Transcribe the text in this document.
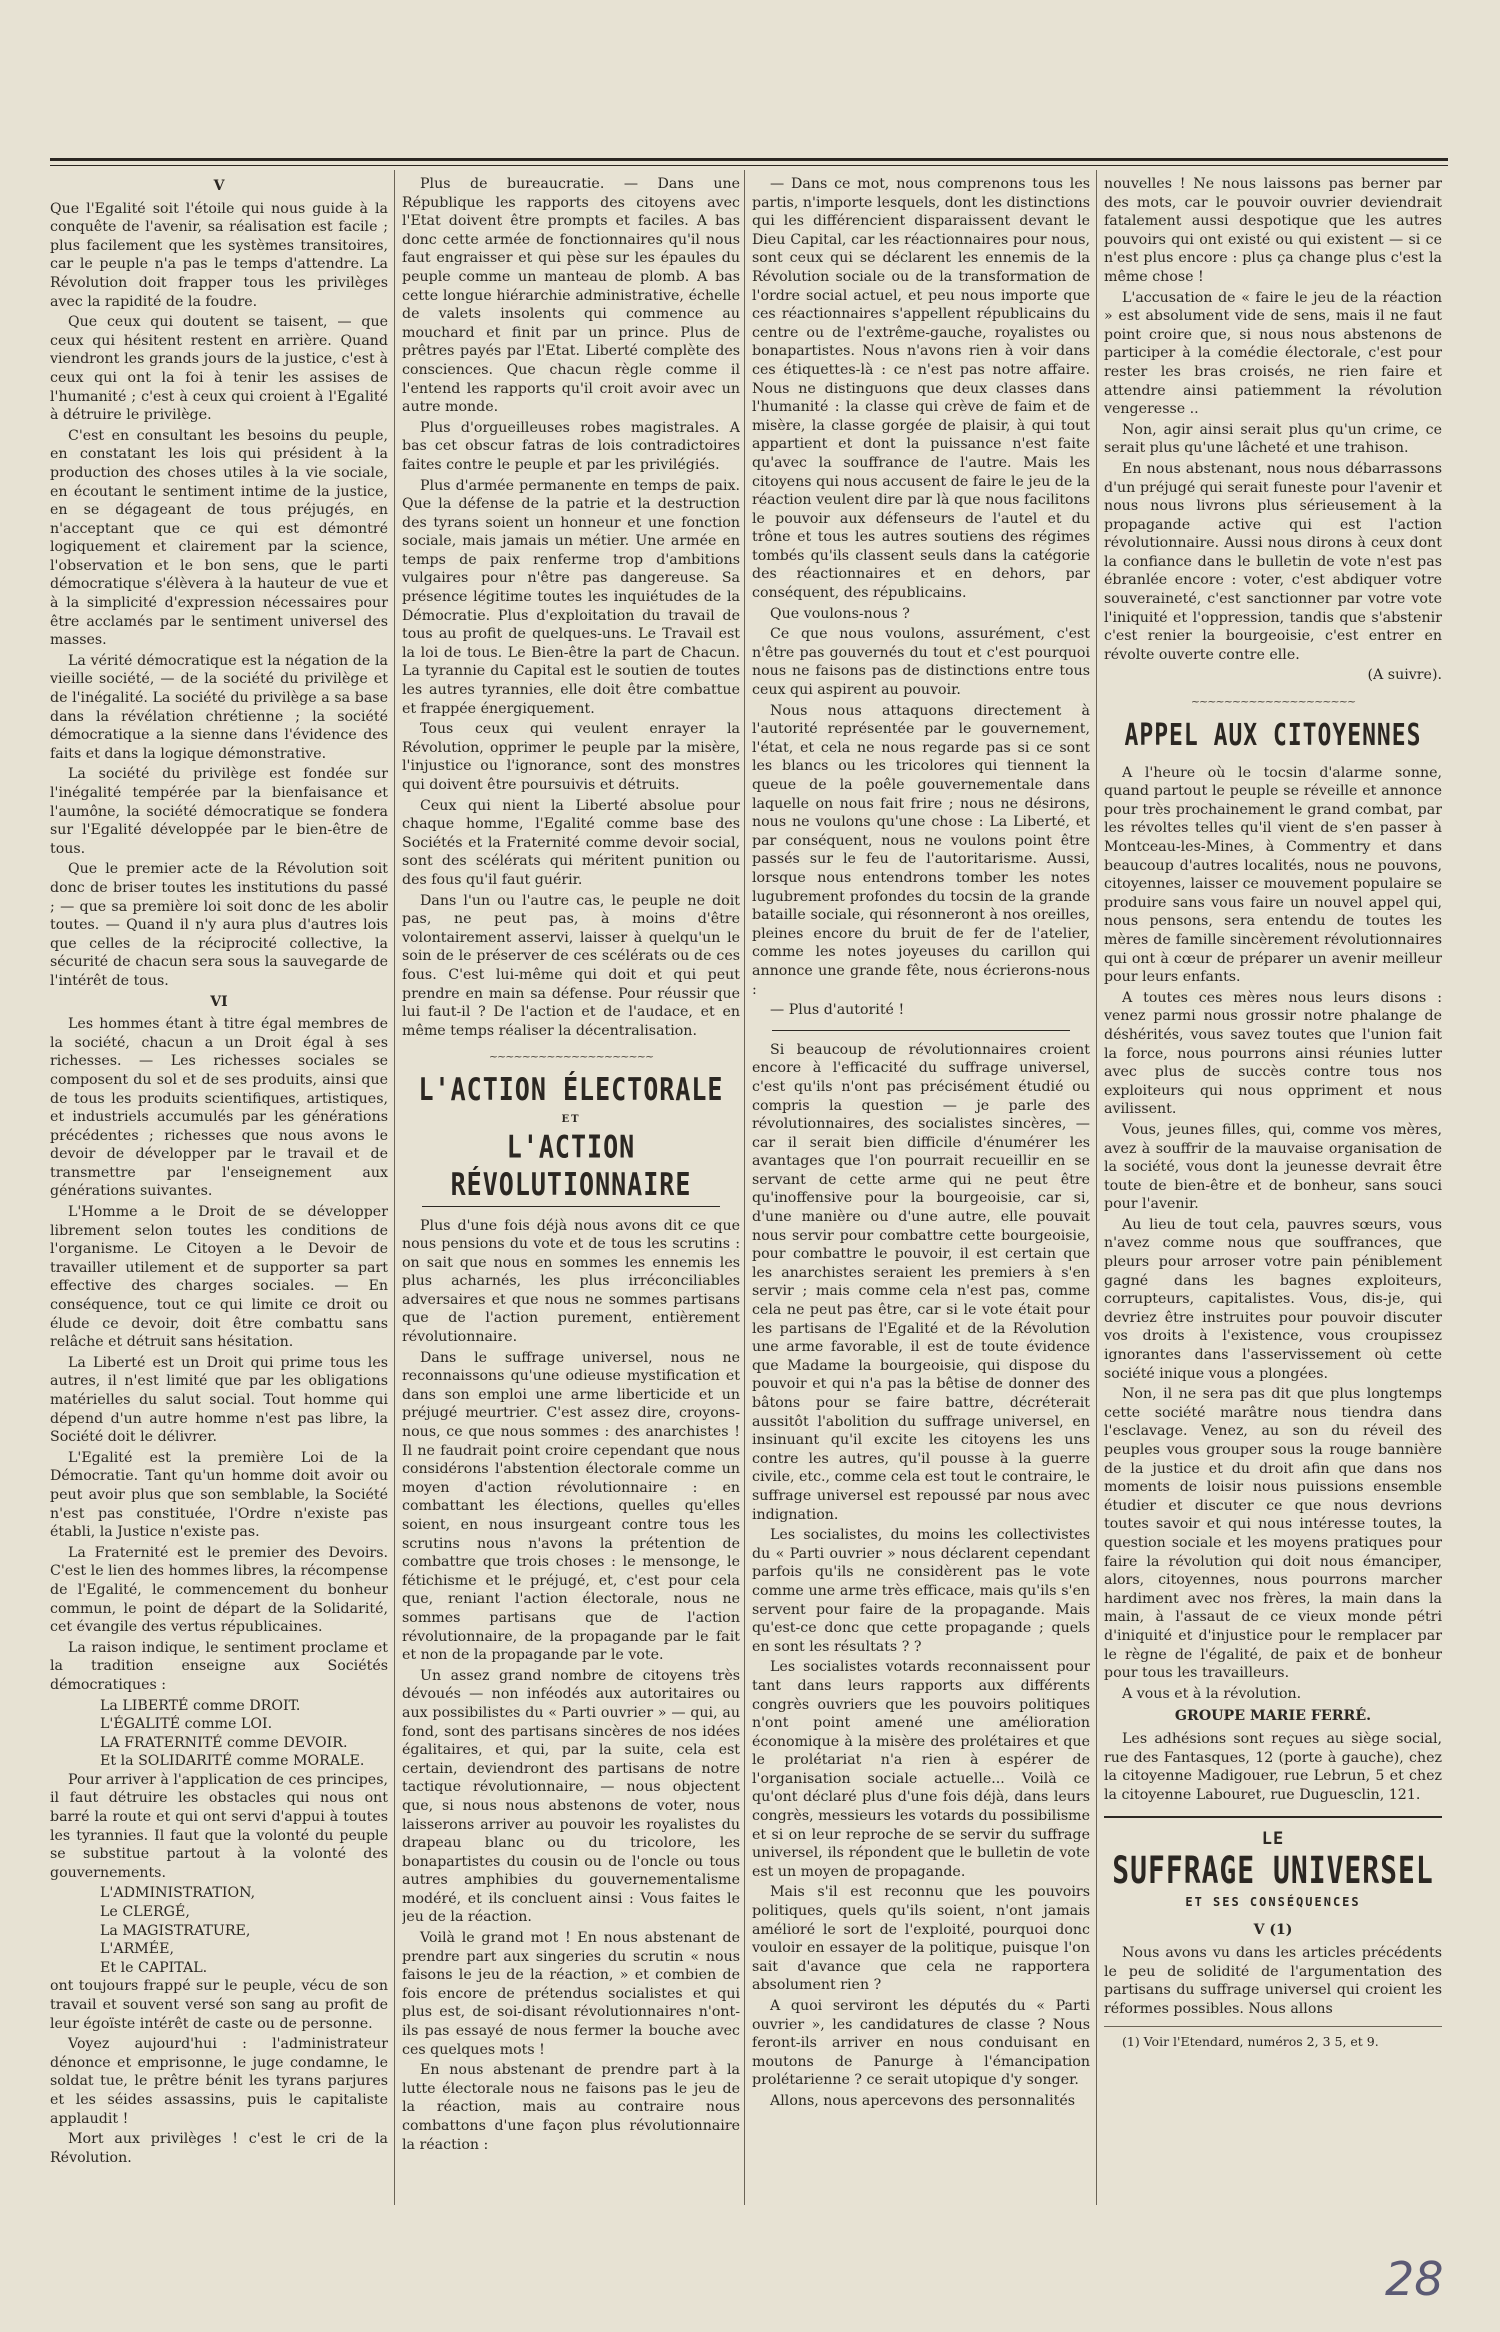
V

Que l'Egalité soit l'étoile qui nous guide à la conquête de l'avenir, sa réalisation est facile ; plus facilement que les systèmes transitoires, car le peuple n'a pas le temps d'attendre. La Révolution doit frapper tous les privilèges avec la rapidité de la foudre.

Que ceux qui doutent se taisent, — que ceux qui hésitent restent en arrière. Quand viendront les grands jours de la justice, c'est à ceux qui ont la foi à tenir les assises de l'humanité ; c'est à ceux qui croient à l'Egalité à détruire le privilège.

C'est en consultant les besoins du peuple, en constatant les lois qui président à la production des choses utiles à la vie sociale, en écoutant le sentiment intime de la justice, en se dégageant de tous préjugés, en n'acceptant que ce qui est démontré logiquement et clairement par la science, l'observation et le bon sens, que le parti démocratique s'élèvera à la hauteur de vue et à la simplicité d'expression nécessaires pour être acclamés par le sentiment universel des masses.

La vérité démocratique est la négation de la vieille société, — de la société du privilège et de l'inégalité. La société du privilège a sa base dans la révélation chrétienne ; la société démocratique a la sienne dans l'évidence des faits et dans la logique démonstrative.

La société du privilège est fondée sur l'inégalité tempérée par la bienfaisance et l'aumône, la société démocratique se fondera sur l'Egalité développée par le bien-être de tous.

Que le premier acte de la Révolution soit donc de briser toutes les institutions du passé ; — que sa première loi soit donc de les abolir toutes. — Quand il n'y aura plus d'autres lois que celles de la réciprocité collective, la sécurité de chacun sera sous la sauvegarde de l'intérêt de tous.

VI

Les hommes étant à titre égal membres de la société, chacun a un Droit égal à ses richesses. — Les richesses sociales se composent du sol et de ses produits, ainsi que de tous les produits scientifiques, artistiques, et industriels accumulés par les générations précédentes ; richesses que nous avons le devoir de développer par le travail et de transmettre par l'enseignement aux générations suivantes.

L'Homme a le Droit de se développer librement selon toutes les conditions de l'organisme. Le Citoyen a le Devoir de travailler utilement et de supporter sa part effective des charges sociales. — En conséquence, tout ce qui limite ce droit ou élude ce devoir, doit être combattu sans relâche et détruit sans hésitation.

La Liberté est un Droit qui prime tous les autres, il n'est limité que par les obligations matérielles du salut social. Tout homme qui dépend d'un autre homme n'est pas libre, la Société doit le délivrer.

L'Egalité est la première Loi de la Démocratie. Tant qu'un homme doit avoir ou peut avoir plus que son semblable, la Société n'est pas constituée, l'Ordre n'existe pas établi, la Justice n'existe pas.

La Fraternité est le premier des Devoirs. C'est le lien des hommes libres, la récompense de l'Egalité, le commencement du bonheur commun, le point de départ de la Solidarité, cet évangile des vertus républicaines.

La raison indique, le sentiment proclame et la tradition enseigne aux Sociétés démocratiques :

La LIBERTÉ comme DROIT.
L'ÉGALITÉ comme LOI.
LA FRATERNITÉ comme DEVOIR.
Et la SOLIDARITÉ comme MORALE.

Pour arriver à l'application de ces principes, il faut détruire les obstacles qui nous ont barré la route et qui ont servi d'appui à toutes les tyrannies. Il faut que la volonté du peuple se substitue partout à la volonté des gouvernements.

L'ADMINISTRATION,
Le CLERGÉ,
La MAGISTRATURE,
L'ARMÉE,
Et le CAPITAL.

ont toujours frappé sur le peuple, vécu de son travail et souvent versé son sang au profit de leur égoïste intérêt de caste ou de personne.

Voyez aujourd'hui : l'administrateur dénonce et emprisonne, le juge condamne, le soldat tue, le prêtre bénit les tyrans parjures et les séides assassins, puis le capitaliste applaudit !

Mort aux privilèges ! c'est le cri de la Révolution.

Plus de bureaucratie. — Dans une République les rapports des citoyens avec l'Etat doivent être prompts et faciles. A bas donc cette armée de fonctionnaires qu'il nous faut engraisser et qui pèse sur les épaules du peuple comme un manteau de plomb. A bas cette longue hiérarchie administrative, échelle de valets insolents qui commence au mouchard et finit par un prince. Plus de prêtres payés par l'Etat. Liberté complète des consciences. Que chacun règle comme il l'entend les rapports qu'il croit avoir avec un autre monde.

Plus d'orgueilleuses robes magistrales. A bas cet obscur fatras de lois contradictoires faites contre le peuple et par les privilégiés.

Plus d'armée permanente en temps de paix. Que la défense de la patrie et la destruction des tyrans soient un honneur et une fonction sociale, mais jamais un métier. Une armée en temps de paix renferme trop d'ambitions vulgaires pour n'être pas dangereuse. Sa présence légitime toutes les inquiétudes de la Démocratie. Plus d'exploitation du travail de tous au profit de quelques-uns. Le Travail est la loi de tous. Le Bien-être la part de Chacun. La tyrannie du Capital est le soutien de toutes les autres tyrannies, elle doit être combattue et frappée énergiquement.

Tous ceux qui veulent enrayer la Révolution, opprimer le peuple par la misère, l'injustice ou l'ignorance, sont des monstres qui doivent être poursuivis et détruits.

Ceux qui nient la Liberté absolue pour chaque homme, l'Egalité comme base des Sociétés et la Fraternité comme devoir social, sont des scélérats qui méritent punition ou des fous qu'il faut guérir.

Dans l'un ou l'autre cas, le peuple ne doit pas, ne peut pas, à moins d'être volontairement asservi, laisser à quelqu'un le soin de le préserver de ces scélérats ou de ces fous. C'est lui-même qui doit et qui peut prendre en main sa défense. Pour réussir que lui faut-il ? De l'action et de l'audace, et en même temps réaliser la décentralisation.

~~~~~~~~~~~~~~~~~~~~
L'ACTION ÉLECTORALE
ET
L'ACTION RÉVOLUTIONNAIRE

Plus d'une fois déjà nous avons dit ce que nous pensions du vote et de tous les scrutins : on sait que nous en sommes les ennemis les plus acharnés, les plus irréconciliables adversaires et que nous ne sommes partisans que de l'action purement, entièrement révolutionnaire.

Dans le suffrage universel, nous ne reconnaissons qu'une odieuse mystification et dans son emploi une arme liberticide et un préjugé meurtrier. C'est assez dire, croyons-nous, ce que nous sommes : des anarchistes ! Il ne faudrait point croire cependant que nous considérons l'abstention électorale comme un moyen d'action révolutionnaire : en combattant les élections, quelles qu'elles soient, en nous insurgeant contre tous les scrutins nous n'avons la prétention de combattre que trois choses : le mensonge, le fétichisme et le préjugé, et, c'est pour cela que, reniant l'action électorale, nous ne sommes partisans que de l'action révolutionnaire, de la propagande par le fait et non de la propagande par le vote.

Un assez grand nombre de citoyens très dévoués — non inféodés aux autoritaires ou aux possibilistes du « Parti ouvrier » — qui, au fond, sont des partisans sincères de nos idées égalitaires, et qui, par la suite, cela est certain, deviendront des partisans de notre tactique révolutionnaire, — nous objectent que, si nous nous abstenons de voter, nous laisserons arriver au pouvoir les royalistes du drapeau blanc ou du tricolore, les bonapartistes du cousin ou de l'oncle ou tous autres amphibies du gouvernementalisme modéré, et ils concluent ainsi : Vous faites le jeu de la réaction.

Voilà le grand mot ! En nous abstenant de prendre part aux singeries du scrutin « nous faisons le jeu de la réaction, » et combien de fois encore de prétendus socialistes et qui plus est, de soi-disant révolutionnaires n'ont-ils pas essayé de nous fermer la bouche avec ces quelques mots !

En nous abstenant de prendre part à la lutte électorale nous ne faisons pas le jeu de la réaction, mais au contraire nous combattons d'une façon plus révolutionnaire la réaction :

— Dans ce mot, nous comprenons tous les partis, n'importe lesquels, dont les distinctions qui les différencient disparaissent devant le Dieu Capital, car les réactionnaires pour nous, sont ceux qui se déclarent les ennemis de la Révolution sociale ou de la transformation de l'ordre social actuel, et peu nous importe que ces réactionnaires s'appellent républicains du centre ou de l'extrême-gauche, royalistes ou bonapartistes. Nous n'avons rien à voir dans ces étiquettes-là : ce n'est pas notre affaire. Nous ne distinguons que deux classes dans l'humanité : la classe qui crève de faim et de misère, la classe gorgée de plaisir, à qui tout appartient et dont la puissance n'est faite qu'avec la souffrance de l'autre. Mais les citoyens qui nous accusent de faire le jeu de la réaction veulent dire par là que nous facilitons le pouvoir aux défenseurs de l'autel et du trône et tous les autres soutiens des régimes tombés qu'ils classent seuls dans la catégorie des réactionnaires et en dehors, par conséquent, des républicains.

Que voulons-nous ?

Ce que nous voulons, assurément, c'est n'être pas gouvernés du tout et c'est pourquoi nous ne faisons pas de distinctions entre tous ceux qui aspirent au pouvoir.

Nous nous attaquons directement à l'autorité représentée par le gouvernement, l'état, et cela ne nous regarde pas si ce sont les blancs ou les tricolores qui tiennent la queue de la poêle gouvernementale dans laquelle on nous fait frire ; nous ne désirons, nous ne voulons qu'une chose : La Liberté, et par conséquent, nous ne voulons point être passés sur le feu de l'autoritarisme. Aussi, lorsque nous entendrons tomber les notes lugubrement profondes du tocsin de la grande bataille sociale, qui résonneront à nos oreilles, pleines encore du bruit de fer de l'atelier, comme les notes joyeuses du carillon qui annonce une grande fête, nous écrierons-nous :

— Plus d'autorité !

Si beaucoup de révolutionnaires croient encore à l'efficacité du suffrage universel, c'est qu'ils n'ont pas précisément étudié ou compris la question — je parle des révolutionnaires, des socialistes sincères, — car il serait bien difficile d'énumérer les avantages que l'on pourrait recueillir en se servant de cette arme qui ne peut être qu'inoffensive pour la bourgeoisie, car si, d'une manière ou d'une autre, elle pouvait nous servir pour combattre cette bourgeoisie, pour combattre le pouvoir, il est certain que les anarchistes seraient les premiers à s'en servir ; mais comme cela n'est pas, comme cela ne peut pas être, car si le vote était pour les partisans de l'Egalité et de la Révolution une arme favorable, il est de toute évidence que Madame la bourgeoisie, qui dispose du pouvoir et qui n'a pas la bêtise de donner des bâtons pour se faire battre, décréterait aussitôt l'abolition du suffrage universel, en insinuant qu'il excite les citoyens les uns contre les autres, qu'il pousse à la guerre civile, etc., comme cela est tout le contraire, le suffrage universel est repoussé par nous avec indignation.

Les socialistes, du moins les collectivistes du « Parti ouvrier » nous déclarent cependant parfois qu'ils ne considèrent pas le vote comme une arme très efficace, mais qu'ils s'en servent pour faire de la propagande. Mais qu'est-ce donc que cette propagande ; quels en sont les résultats ? ?

Les socialistes votards reconnaissent pour tant dans leurs rapports aux différents congrès ouvriers que les pouvoirs politiques n'ont point amené une amélioration économique à la misère des prolétaires et que le prolétariat n'a rien à espérer de l'organisation sociale actuelle... Voilà ce qu'ont déclaré plus d'une fois déjà, dans leurs congrès, messieurs les votards du possibilisme et si on leur reproche de se servir du suffrage universel, ils répondent que le bulletin de vote est un moyen de propagande.

Mais s'il est reconnu que les pouvoirs politiques, quels qu'ils soient, n'ont jamais amélioré le sort de l'exploité, pourquoi donc vouloir en essayer de la politique, puisque l'on sait d'avance que cela ne rapportera absolument rien ?

A quoi serviront les députés du « Parti ouvrier », les candidatures de classe ? Nous feront-ils arriver en nous conduisant en moutons de Panurge à l'émancipation prolétarienne ? ce serait utopique d'y songer.

Allons, nous apercevons des personnalités

nouvelles ! Ne nous laissons pas berner par des mots, car le pouvoir ouvrier deviendrait fatalement aussi despotique que les autres pouvoirs qui ont existé ou qui existent — si ce n'est plus encore : plus ça change plus c'est la même chose !

L'accusation de « faire le jeu de la réaction » est absolument vide de sens, mais il ne faut point croire que, si nous nous abstenons de participer à la comédie électorale, c'est pour rester les bras croisés, ne rien faire et attendre ainsi patiemment la révolution vengeresse ..

Non, agir ainsi serait plus qu'un crime, ce serait plus qu'une lâcheté et une trahison.

En nous abstenant, nous nous débarrassons d'un préjugé qui serait funeste pour l'avenir et nous nous livrons plus sérieusement à la propagande active qui est l'action révolutionnaire. Aussi nous dirons à ceux dont la confiance dans le bulletin de vote n'est pas ébranlée encore : voter, c'est abdiquer votre souveraineté, c'est sanctionner par votre vote l'iniquité et l'oppression, tandis que s'abstenir c'est renier la bourgeoisie, c'est entrer en révolte ouverte contre elle.

(A suivre).

~~~~~~~~~~~~~~~~~~~~
APPEL AUX CITOYENNES

A l'heure où le tocsin d'alarme sonne, quand partout le peuple se réveille et annonce pour très prochainement le grand combat, par les révoltes telles qu'il vient de s'en passer à Montceau-les-Mines, à Commentry et dans beaucoup d'autres localités, nous ne pouvons, citoyennes, laisser ce mouvement populaire se produire sans vous faire un nouvel appel qui, nous pensons, sera entendu de toutes les mères de famille sincèrement révolutionnaires qui ont à cœur de préparer un avenir meilleur pour leurs enfants.

A toutes ces mères nous leurs disons : venez parmi nous grossir notre phalange de déshérités, vous savez toutes que l'union fait la force, nous pourrons ainsi réunies lutter avec plus de succès contre tous nos exploiteurs qui nous oppriment et nous avilissent.

Vous, jeunes filles, qui, comme vos mères, avez à souffrir de la mauvaise organisation de la société, vous dont la jeunesse devrait être toute de bien-être et de bonheur, sans souci pour l'avenir.

Au lieu de tout cela, pauvres sœurs, vous n'avez comme nous que souffrances, que pleurs pour arroser votre pain péniblement gagné dans les bagnes exploiteurs, corrupteurs, capitalistes. Vous, dis-je, qui devriez être instruites pour pouvoir discuter vos droits à l'existence, vous croupissez ignorantes dans l'asservissement où cette société inique vous a plongées.

Non, il ne sera pas dit que plus longtemps cette société marâtre nous tiendra dans l'esclavage. Venez, au son du réveil des peuples vous grouper sous la rouge bannière de la justice et du droit afin que dans nos moments de loisir nous puissions ensemble étudier et discuter ce que nous devrions toutes savoir et qui nous intéresse toutes, la question sociale et les moyens pratiques pour faire la révolution qui doit nous émanciper, alors, citoyennes, nous pourrons marcher hardiment avec nos frères, la main dans la main, à l'assaut de ce vieux monde pétri d'iniquité et d'injustice pour le remplacer par le règne de l'égalité, de paix et de bonheur pour tous les travailleurs.

A vous et à la révolution.

GROUPE MARIE FERRÉ.

Les adhésions sont reçues au siège social, rue des Fantasques, 12 (porte à gauche), chez la citoyenne Madigouer, rue Lebrun, 5 et chez la citoyenne Labouret, rue Duguesclin, 121.

LE
SUFFRAGE UNIVERSEL
ET SES CONSÉQUENCES
V (1)

Nous avons vu dans les articles précédents le peu de solidité de l'argumentation des partisans du suffrage universel qui croient les réformes possibles. Nous allons

(1) Voir l'Etendard, numéros 2, 3 5, et 9.
28
